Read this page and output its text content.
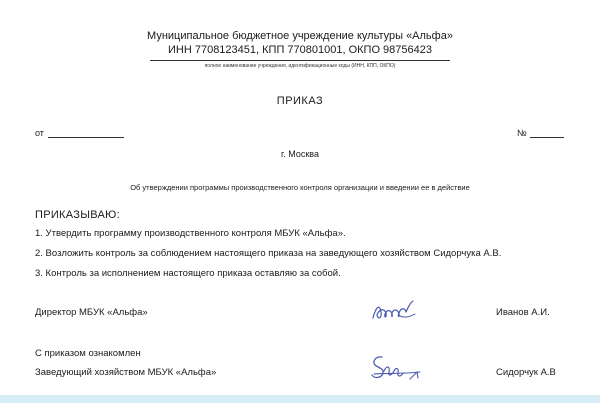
Муниципальное бюджетное учреждение культуры «Альфа»
ИНН 7708123451, КПП 770801001, ОКПО 98756423
полное наименование учреждения, идентификационные коды (ИНН, КПП, ОКПО)
ПРИКАЗ
от	№
г. Москва
Об утверждении программы производственного контроля организации и введении ее в действие
ПРИКАЗЫВАЮ:
1. Утвердить программу производственного контроля МБУК «Альфа».
2. Возложить контроль за соблюдением настоящего приказа на заведующего хозяйством Сидорчука А.В.
3. Контроль за исполнением настоящего приказа оставляю за собой.
Директор МБУК «Альфа»	Иванов А.И.
С приказом ознакомлен
Заведующий хозяйством МБУК «Альфа»	Сидорчук А.В
